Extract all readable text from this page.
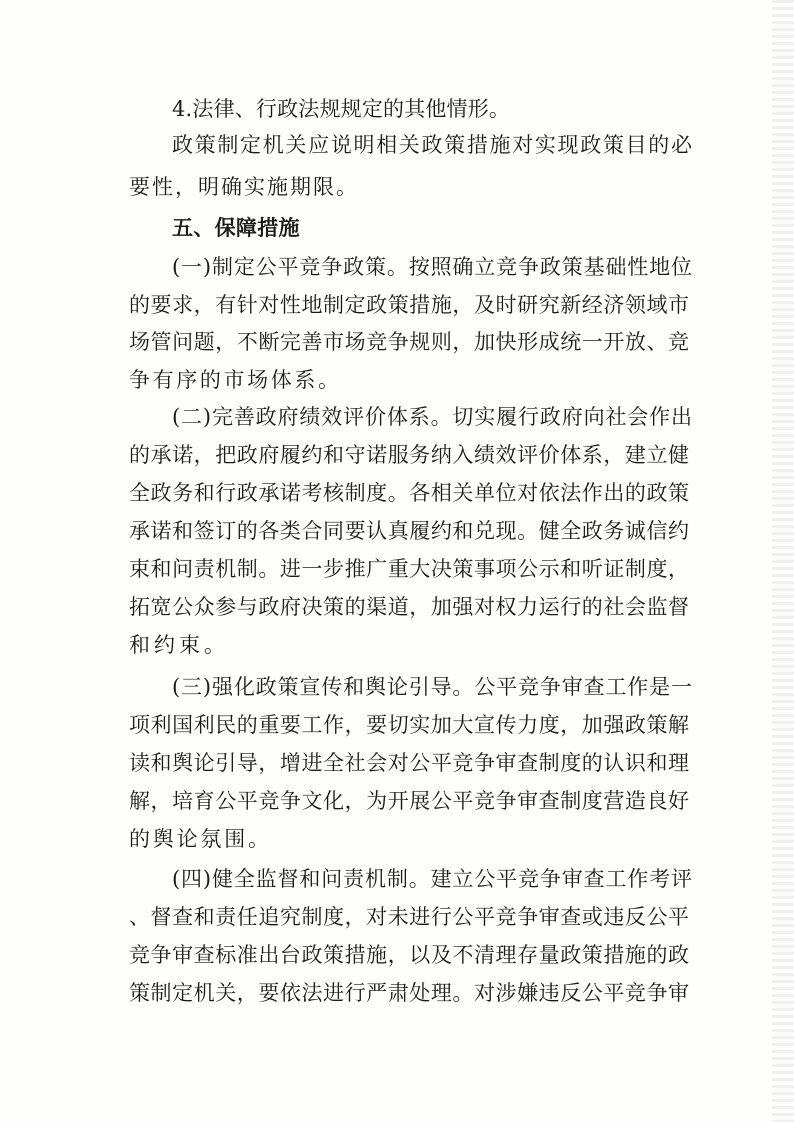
4.法律、行政法规规定的其他情形。
政策制定机关应说明相关政策措施对实现政策目的必
要性，明确实施期限。
五、保障措施
(一)制定公平竞争政策。按照确立竞争政策基础性地位
的要求，有针对性地制定政策措施，及时研究新经济领域市
场管问题，不断完善市场竞争规则，加快形成统一开放、竞
争有序的市场体系。
(二)完善政府绩效评价体系。切实履行政府向社会作出
的承诺，把政府履约和守诺服务纳入绩效评价体系，建立健
全政务和行政承诺考核制度。各相关单位对依法作出的政策
承诺和签订的各类合同要认真履约和兑现。健全政务诚信约
束和问责机制。进一步推广重大决策事项公示和听证制度，
拓宽公众参与政府决策的渠道，加强对权力运行的社会监督
和约束。
(三)强化政策宣传和舆论引导。公平竞争审查工作是一
项利国利民的重要工作，要切实加大宣传力度，加强政策解
读和舆论引导，增进全社会对公平竞争审查制度的认识和理
解，培育公平竞争文化，为开展公平竞争审查制度营造良好
的舆论氛围。
(四)健全监督和问责机制。建立公平竞争审查工作考评
、督查和责任追究制度，对未进行公平竞争审查或违反公平
竞争审查标准出台政策措施，以及不清理存量政策措施的政
策制定机关，要依法进行严肃处理。对涉嫌违反公平竞争审
